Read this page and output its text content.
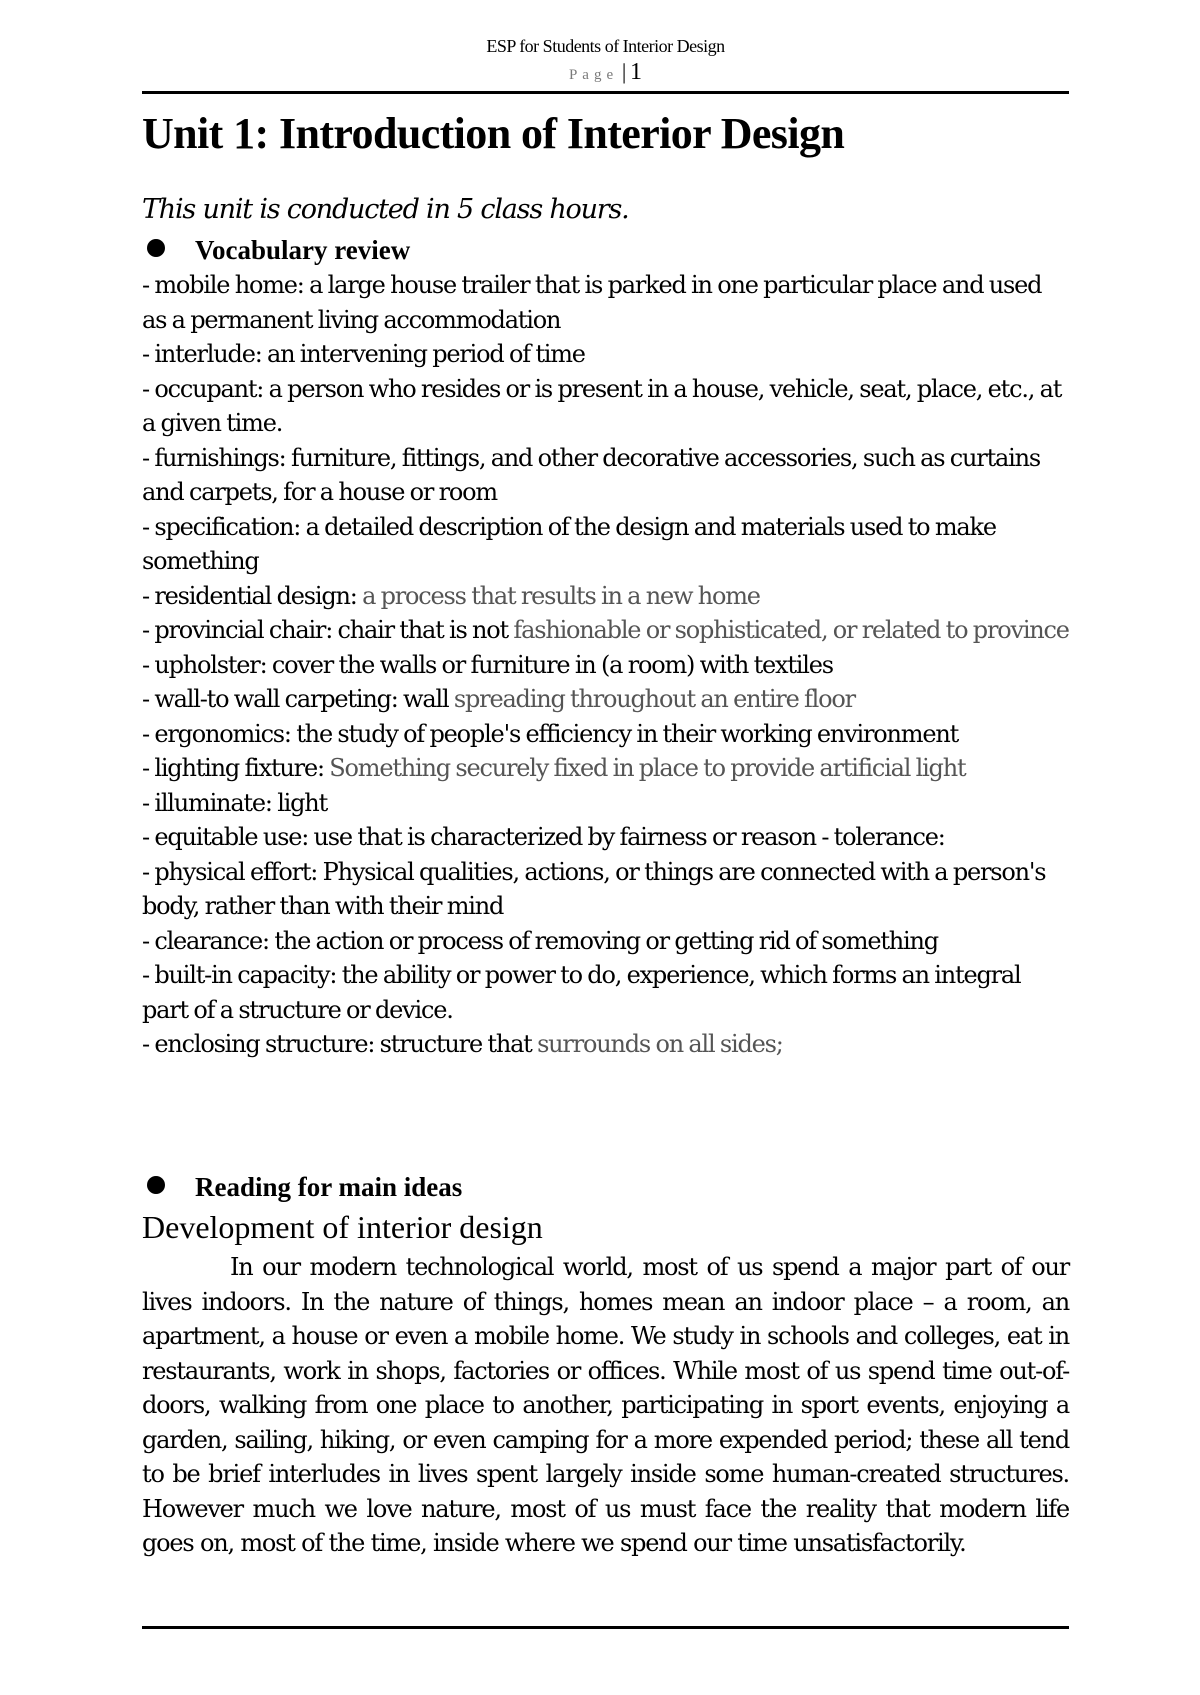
ESP for Students of Interior Design
Page | 1
Unit 1: Introduction of Interior Design
This unit is conducted in 5 class hours.
Vocabulary review
- mobile home: a large house trailer that is parked in one particular place and used as a permanent living accommodation
- interlude: an intervening period of time
- occupant: a person who resides or is present in a house, vehicle, seat, place, etc., at a given time.
- furnishings: furniture, fittings, and other decorative accessories, such as curtains and carpets, for a house or room
- specification: a detailed description of the design and materials used to make something
- residential design: a process that results in a new home
- provincial chair: chair that is not fashionable or sophisticated, or related to province
- upholster: cover the walls or furniture in (a room) with textiles
- wall-to wall carpeting: wall spreading throughout an entire floor
- ergonomics: the study of people's efficiency in their working environment
- lighting fixture: Something securely fixed in place to provide artificial light
- illuminate: light
- equitable use: use that is characterized by fairness or reason - tolerance:
- physical effort: Physical qualities, actions, or things are connected with a person's body, rather than with their mind
- clearance: the action or process of removing or getting rid of something
- built-in capacity: the ability or power to do, experience, which forms an integral part of a structure or device.
- enclosing structure: structure that surrounds on all sides;
Reading for main ideas
Development of interior design

In our modern technological world, most of us spend a major part of our lives indoors. In the nature of things, homes mean an indoor place – a room, an apartment, a house or even a mobile home. We study in schools and colleges, eat in restaurants, work in shops, factories or offices. While most of us spend time out-of-doors, walking from one place to another, participating in sport events, enjoying a garden, sailing, hiking, or even camping for a more expended period; these all tend to be brief interludes in lives spent largely inside some human-created structures. However much we love nature, most of us must face the reality that modern life goes on, most of the time, inside where we spend our time unsatisfactorily.
